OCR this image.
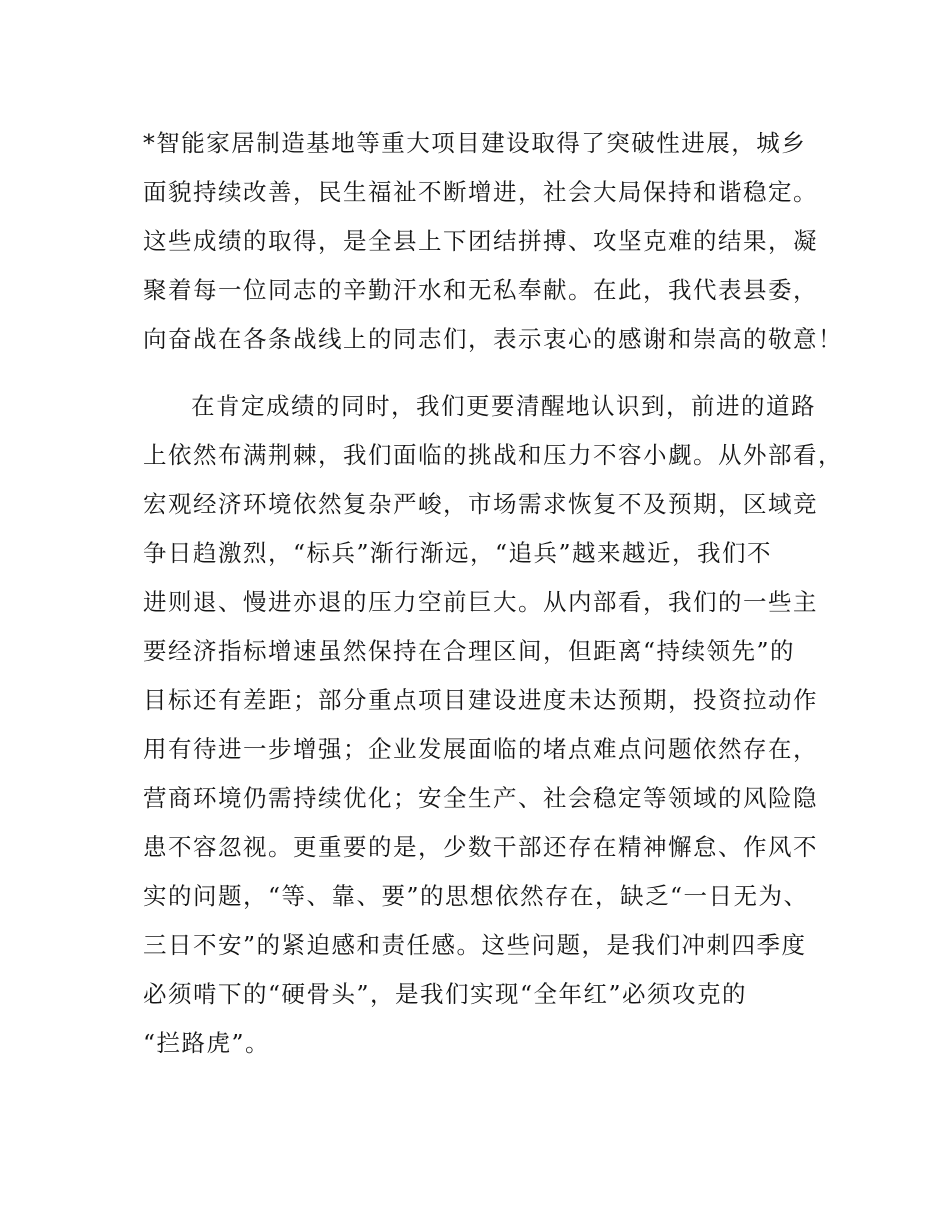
*智能家居制造基地等重大项目建设取得了突破性进展，城乡
面貌持续改善，民生福祉不断增进，社会大局保持和谐稳定。
这些成绩的取得，是全县上下团结拼搏、攻坚克难的结果，凝
聚着每一位同志的辛勤汗水和无私奉献。在此，我代表县委，
向奋战在各条战线上的同志们，表示衷心的感谢和崇高的敬意！
在肯定成绩的同时，我们更要清醒地认识到，前进的道路
上依然布满荆棘，我们面临的挑战和压力不容小觑。从外部看，
宏观经济环境依然复杂严峻，市场需求恢复不及预期，区域竞
争日趋激烈，“标兵”渐行渐远，“追兵”越来越近，我们不
进则退、慢进亦退的压力空前巨大。从内部看，我们的一些主
要经济指标增速虽然保持在合理区间，但距离“持续领先”的
目标还有差距；部分重点项目建设进度未达预期，投资拉动作
用有待进一步增强；企业发展面临的堵点难点问题依然存在，
营商环境仍需持续优化；安全生产、社会稳定等领域的风险隐
患不容忽视。更重要的是，少数干部还存在精神懈怠、作风不
实的问题，“等、靠、要”的思想依然存在，缺乏“一日无为、
三日不安”的紧迫感和责任感。这些问题，是我们冲刺四季度
必须啃下的“硬骨头”，是我们实现“全年红”必须攻克的
“拦路虎”。
